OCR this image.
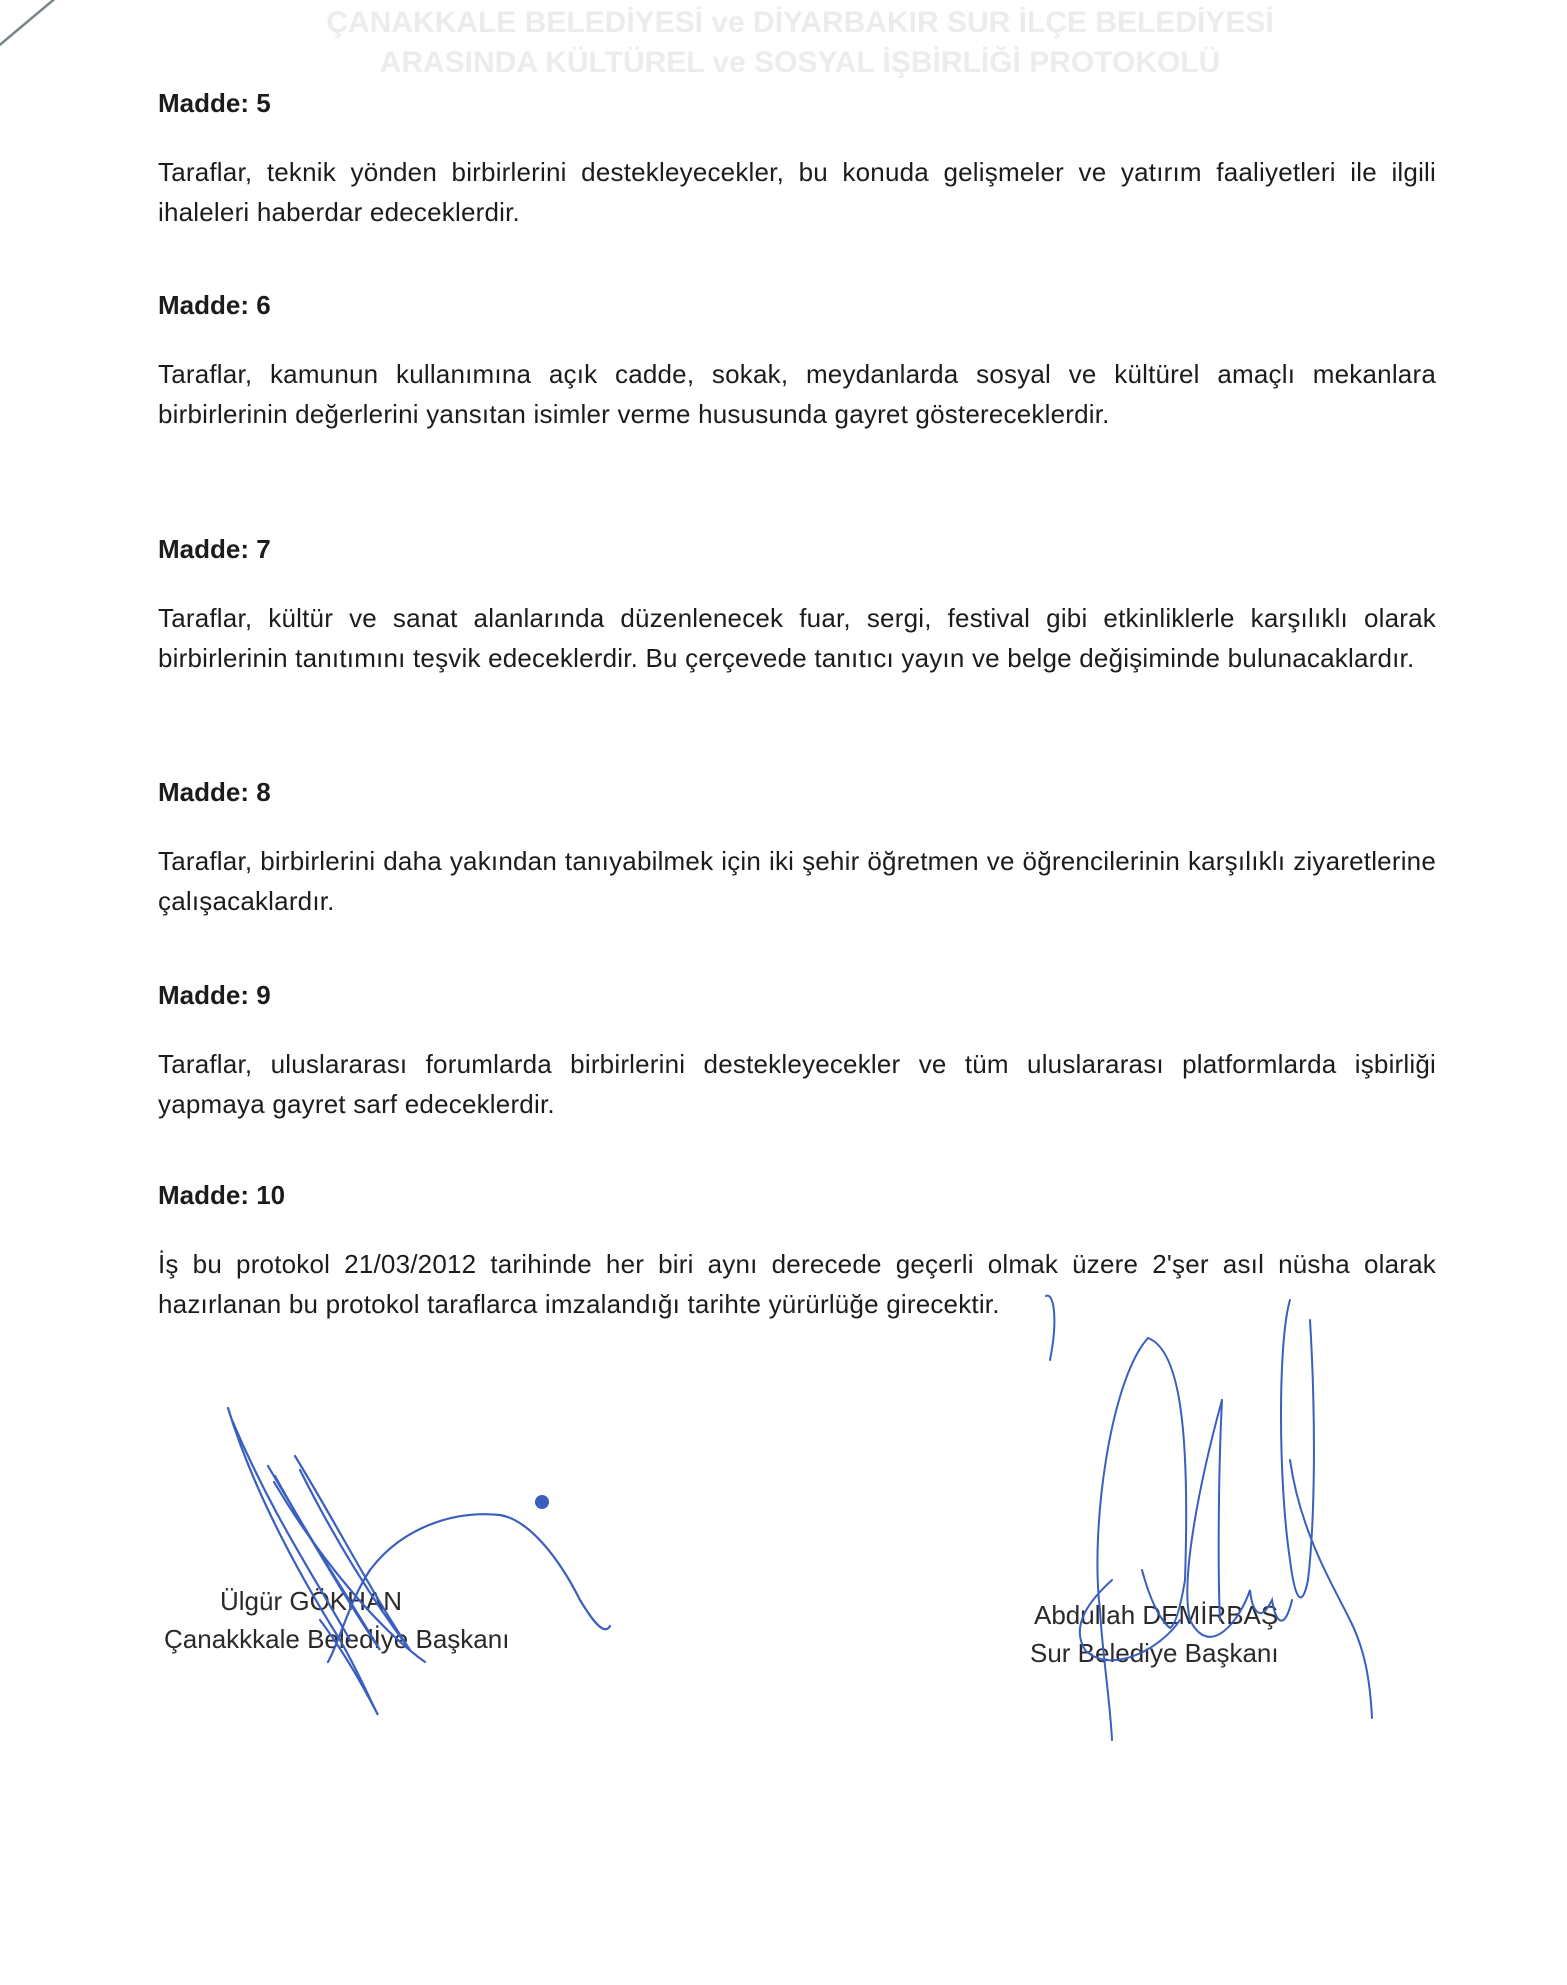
ÇANAKKALE BELEDİYESİ ve DİYARBAKIR SUR İLÇE BELEDİYESİ
ARASINDA KÜLTÜREL ve SOSYAL İŞBİRLİĞİ PROTOKOLÜ
Madde: 5

Taraflar, teknik yönden birbirlerini destekleyecekler, bu konuda gelişmeler ve yatırım faaliyetleri ile ilgili ihaleleri haberdar edeceklerdir.

Madde: 6

Taraflar, kamunun kullanımına açık cadde, sokak, meydanlarda sosyal ve kültürel amaçlı mekanlara birbirlerinin değerlerini yansıtan isimler verme hususunda gayret göstereceklerdir.

Madde: 7

Taraflar, kültür ve sanat alanlarında düzenlenecek fuar, sergi, festival gibi etkinliklerle karşılıklı olarak birbirlerinin tanıtımını teşvik edeceklerdir. Bu çerçevede tanıtıcı yayın ve belge değişiminde bulunacaklardır.

Madde: 8

Taraflar, birbirlerini daha yakından tanıyabilmek için iki şehir öğretmen ve öğrencilerinin karşılıklı ziyaretlerine çalışacaklardır.

Madde: 9

Taraflar, uluslararası forumlarda birbirlerini destekleyecekler ve tüm uluslararası platformlarda işbirliği yapmaya gayret sarf edeceklerdir.

Madde: 10

İş bu protokol 21/03/2012 tarihinde her biri aynı derecede geçerli olmak üzere 2'şer asıl nüsha olarak hazırlanan bu protokol taraflarca imzalandığı tarihte yürürlüğe girecektir.

Ülgür GÖKHAN
Çanakkkale Beledİye Başkanı
Abdullah DEMİRBAŞ
Sur Belediye Başkanı
